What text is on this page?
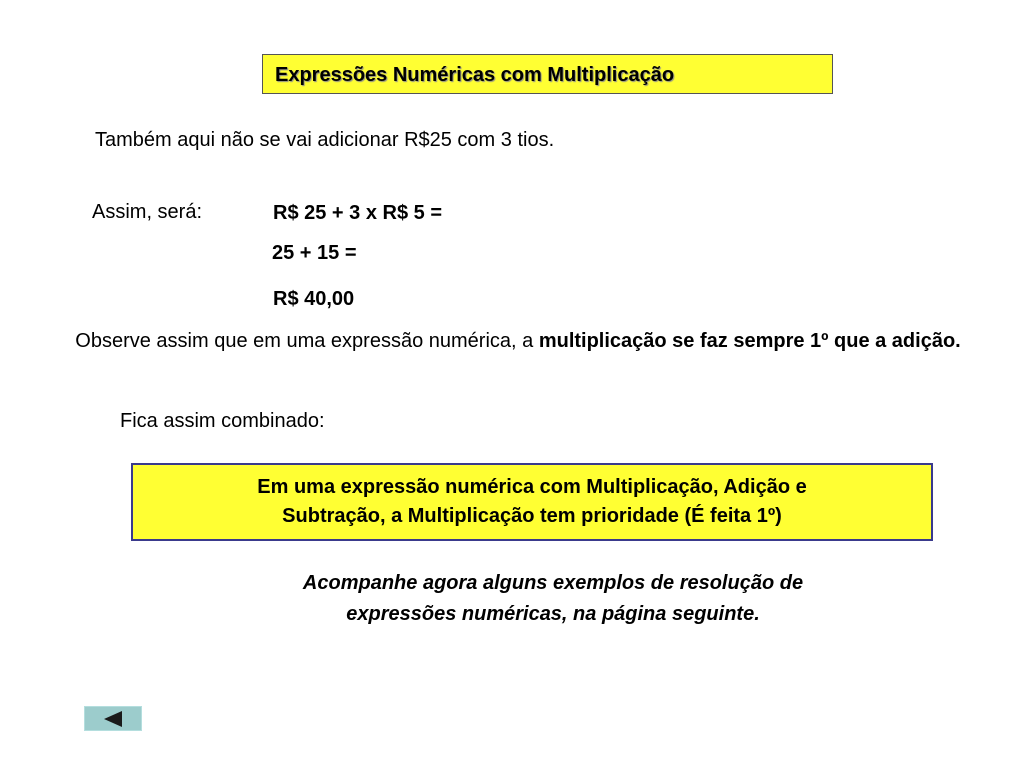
Expressões Numéricas com Multiplicação
Também aqui não se vai adicionar R$25 com 3 tios.
Assim, será:	R$ 25 + 3 x R$ 5 =
25 + 15 =
R$ 40,00
Observe assim que em uma expressão numérica, a multiplicação se faz sempre 1º que a adição.
Fica assim combinado:
Em uma expressão numérica com Multiplicação, Adição e
Subtração, a Multiplicação tem prioridade (É feita 1º)
Acompanhe agora alguns exemplos de resolução de
expressões numéricas, na página seguinte.
